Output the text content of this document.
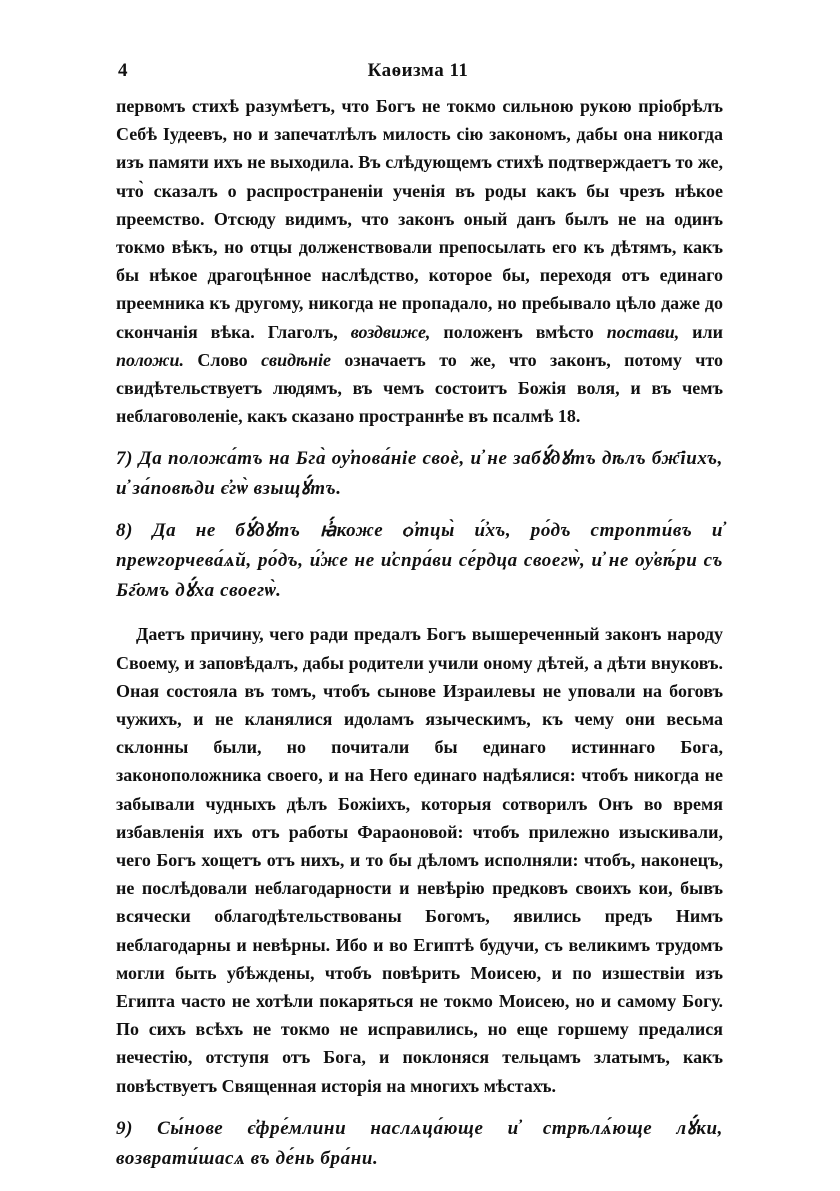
4	Каѳизма 11

первомъ стихѣ разумѣетъ, что Богъ не токмо сильною рукою пріобрѣлъ Себѣ Іудеевъ, но и запечатлѣлъ милость сію закономъ, дабы она никогда изъ памяти ихъ не выходила. Въ слѣдующемъ стихѣ подтверждаетъ то же, что̀ сказалъ о распространеніи ученія въ роды какъ бы чрезъ нѣкое преемство. Отсюду видимъ, что законъ оный данъ былъ не на одинъ токмо вѣкъ, но отцы долженствовали препосылать его къ дѣтямъ, какъ бы нѣкое драгоцѣнное наслѣдство, которое бы, переходя отъ единаго преемника къ другому, никогда не пропадало, но пребывало цѣло даже до скончанія вѣка. Глаголъ, воздвиже, положенъ вмѣсто постави, или положи. Слово свидѣніе означаетъ то же, что законъ, потому что свидѣтельствуетъ людямъ, въ чемъ состоитъ Божія воля, и въ чемъ неблаговоленіе, какъ сказано пространнѣе въ псалмѣ 18.

7) Да положа́тъ на Бга̀ оу҆пова́ніе своѐ, и҆ не забꙋ́дꙋтъ дѣлъ бж҃іихъ, и҆ за́повѣди є҆гѡ̀ взыщꙋ́тъ.

8) Да не бꙋ́дꙋтъ ꙗ҆́коже ѻ҆тцы̀ и҆́хъ, ро́дъ стропти́въ и҆ преѡгорчева́ѧй, ро́дъ, и҆́же не и҆спра́ви се́рдца своегѡ̀, и҆ не оу҆вѣ́ри съ Бг҃омъ дꙋ́ха своегѡ̀.

Даетъ причину, чего ради предалъ Богъ вышереченный законъ народу Своему, и заповѣдалъ, дабы родители учили оному дѣтей, а дѣти внуковъ. Оная состояла въ томъ, чтобъ сынове Израилевы не уповали на боговъ чужихъ, и не кланялися идоламъ языческимъ, къ чему они весьма склонны были, но почитали бы единаго истиннаго Бога, законоположника своего, и на Него единаго надѣялися: чтобъ никогда не забывали чудныхъ дѣлъ Божіихъ, которыя сотворилъ Онъ во время избавленія ихъ отъ работы Фараоновой: чтобъ прилежно изыскивали, чего Богъ хощетъ отъ нихъ, и то бы дѣломъ исполняли: чтобъ, наконецъ, не послѣдовали неблагодарности и невѣрію предковъ своихъ кои, бывъ всячески облагодѣтельствованы Богомъ, явились предъ Нимъ неблагодарны и невѣрны. Ибо и во Египтѣ будучи, съ великимъ трудомъ могли быть убѣждены, чтобъ повѣрить Моисею, и по изшествіи изъ Египта часто не хотѣли покаряться не токмо Моисею, но и самому Богу. По сихъ всѣхъ не токмо не исправились, но еще горшему предалися нечестію, отступя отъ Бога, и поклоняся тельцамъ златымъ, какъ повѣствуетъ Священная исторія на многихъ мѣстахъ.

9) Сы́нове є҆фре́млини наслѧца́юще и҆ стрѣлѧ́юще лꙋ́ки, возврати́шасѧ въ де́нь бра́ни.
